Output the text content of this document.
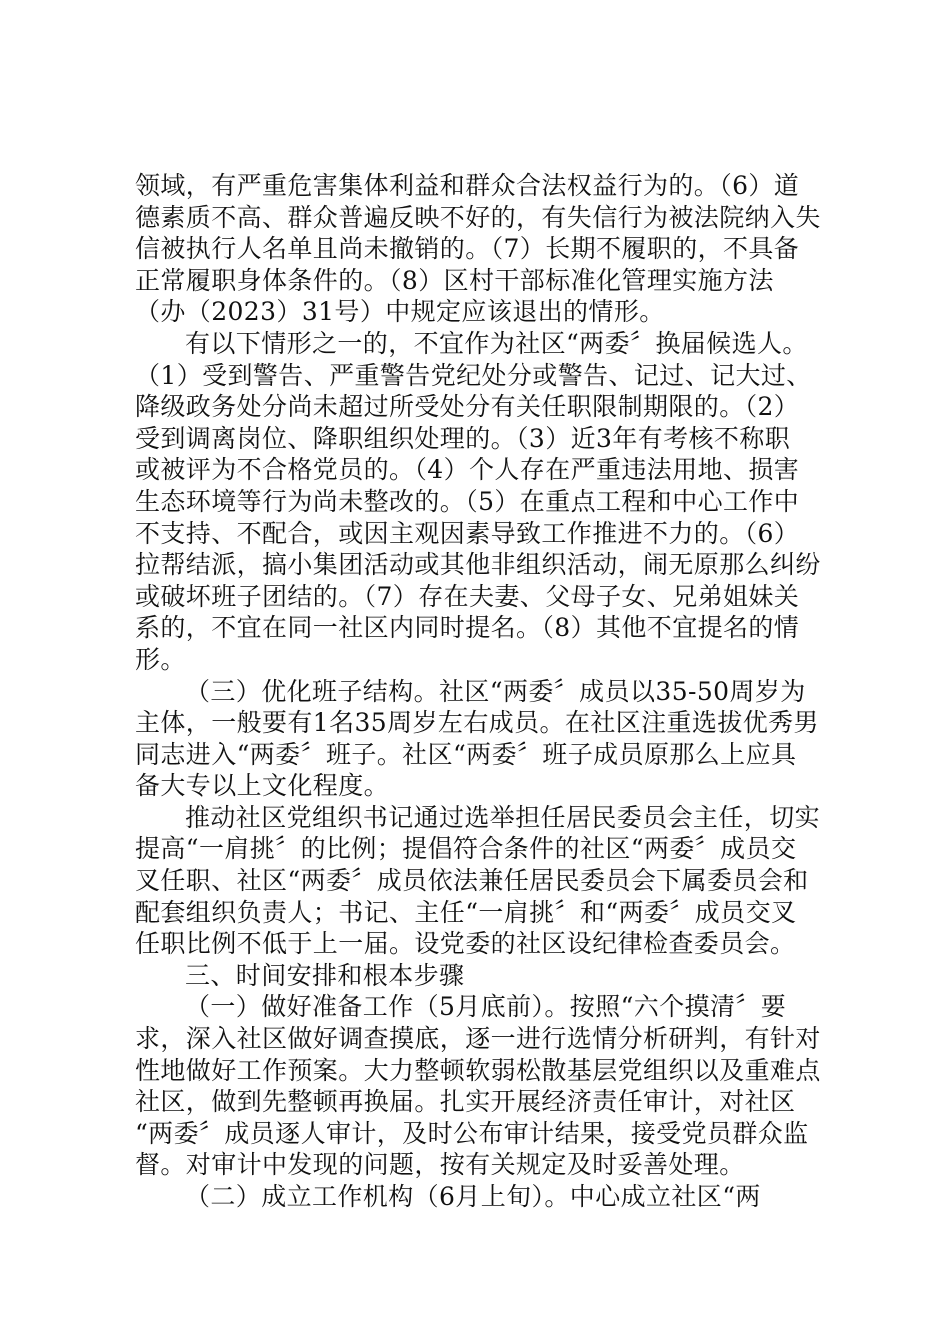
领域，有严重危害集体利益和群众合法权益行为的。（6）道
德素质不高、群众普遍反映不好的，有失信行为被法院纳入失
信被执行人名单且尚未撤销的。（7）长期不履职的，不具备
正常履职身体条件的。（8）区村干部标准化管理实施方法
（办（2023）31号）中规定应该退出的情形。
有以下情形之一的，不宜作为社区“两委〞换届候选人。
（1）受到警告、严重警告党纪处分或警告、记过、记大过、
降级政务处分尚未超过所受处分有关任职限制期限的。（2）
受到调离岗位、降职组织处理的。（3）近3年有考核不称职
或被评为不合格党员的。（4）个人存在严重违法用地、损害
生态环境等行为尚未整改的。（5）在重点工程和中心工作中
不支持、不配合，或因主观因素导致工作推进不力的。（6）
拉帮结派，搞小集团活动或其他非组织活动，闹无原那么纠纷
或破坏班子团结的。（7）存在夫妻、父母子女、兄弟姐妹关
系的，不宜在同一社区内同时提名。（8）其他不宜提名的情
形。
（三）优化班子结构。社区“两委〞成员以35-50周岁为
主体，一般要有1名35周岁左右成员。在社区注重选拔优秀男
同志进入“两委〞班子。社区“两委〞班子成员原那么上应具
备大专以上文化程度。
推动社区党组织书记通过选举担任居民委员会主任，切实
提高“一肩挑〞的比例；提倡符合条件的社区“两委〞成员交
叉任职、社区“两委〞成员依法兼任居民委员会下属委员会和
配套组织负责人；书记、主任“一肩挑〞和“两委〞成员交叉
任职比例不低于上一届。设党委的社区设纪律检查委员会。
三、时间安排和根本步骤
（一）做好准备工作（5月底前）。按照“六个摸清〞要
求，深入社区做好调查摸底，逐一进行选情分析研判，有针对
性地做好工作预案。大力整顿软弱松散基层党组织以及重难点
社区，做到先整顿再换届。扎实开展经济责任审计，对社区
“两委〞成员逐人审计，及时公布审计结果，接受党员群众监
督。对审计中发现的问题，按有关规定及时妥善处理。
（二）成立工作机构（6月上旬）。中心成立社区“两
